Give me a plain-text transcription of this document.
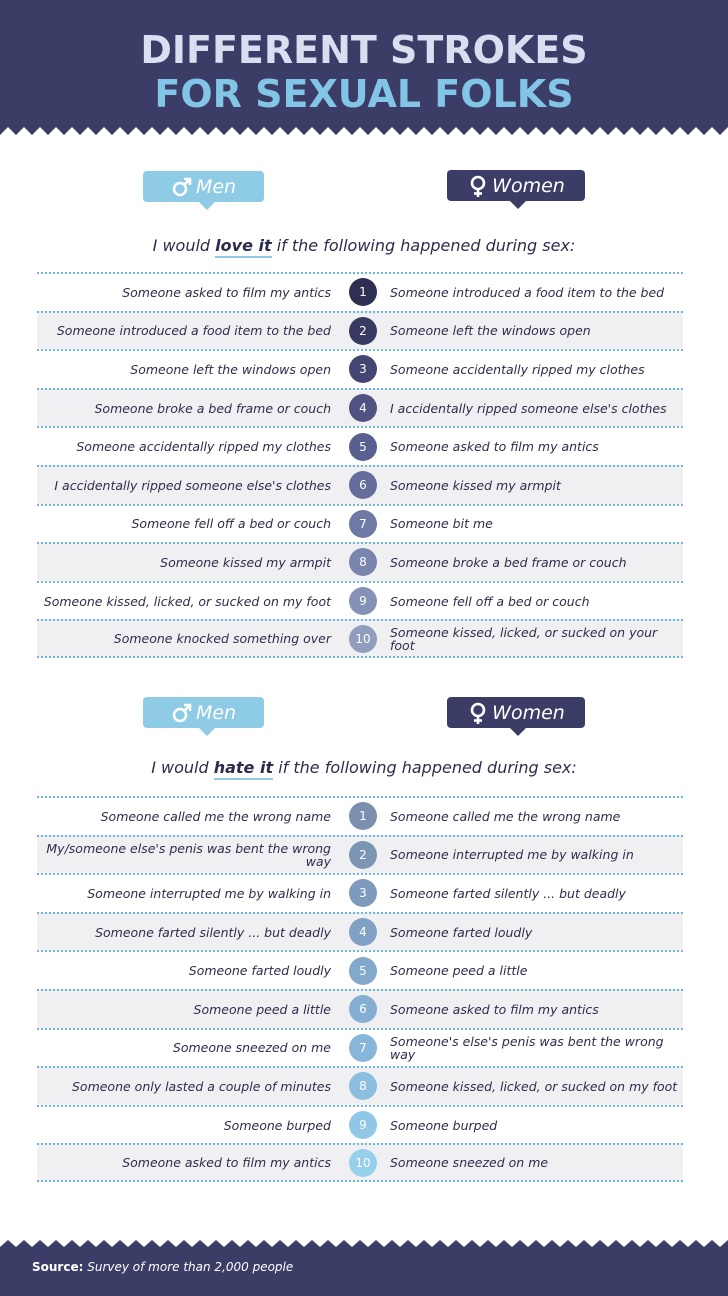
DIFFERENT STROKES
FOR SEXUAL FOLKS
Men	Women
I would love it if the following happened during sex:
Someone asked to film my antics	1	Someone introduced a food item to the bed
Someone introduced a food item to the bed	2	Someone left the windows open
Someone left the windows open	3	Someone accidentally ripped my clothes
Someone broke a bed frame or couch	4	I accidentally ripped someone else's clothes
Someone accidentally ripped my clothes	5	Someone asked to film my antics
I accidentally ripped someone else's clothes	6	Someone kissed my armpit
Someone fell off a bed or couch	7	Someone bit me
Someone kissed my armpit	8	Someone broke a bed frame or couch
Someone kissed, licked, or sucked on my foot	9	Someone fell off a bed or couch
Someone knocked something over	10	Someone kissed, licked, or sucked on your foot
Men	Women
I would hate it if the following happened during sex:
Someone called me the wrong name	1	Someone called me the wrong name
My/someone else's penis was bent the wrong way	2	Someone interrupted me by walking in
Someone interrupted me by walking in	3	Someone farted silently ... but deadly
Someone farted silently ... but deadly	4	Someone farted loudly
Someone farted loudly	5	Someone peed a little
Someone peed a little	6	Someone asked to film my antics
Someone sneezed on me	7	Someone's else's penis was bent the wrong way
Someone only lasted a couple of minutes	8	Someone kissed, licked, or sucked on my foot
Someone burped	9	Someone burped
Someone asked to film my antics	10	Someone sneezed on me
Source: Survey of more than 2,000 people
